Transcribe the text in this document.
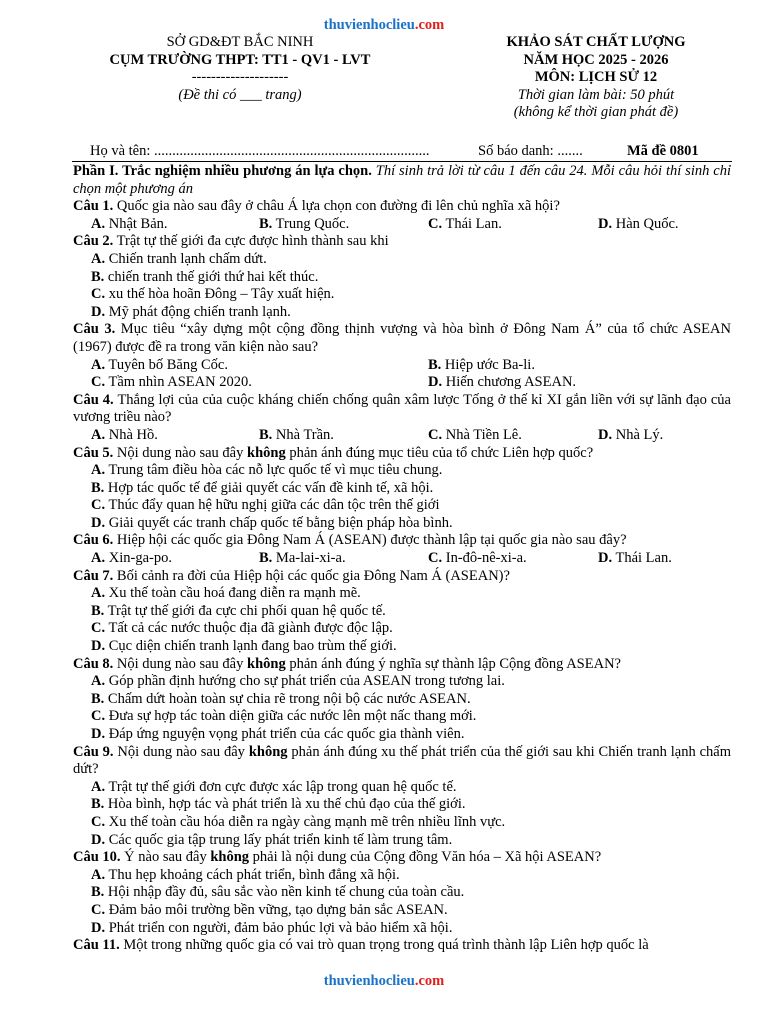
thuvienhoclieu.com
SỞ GD&ĐT BẮC NINH
CỤM TRƯỜNG THPT: TT1 - QV1 - LVT
--------------------
(Đề thi có ___ trang)
KHẢO SÁT CHẤT LƯỢNG
NĂM HỌC 2025 - 2026
MÔN: LỊCH SỬ 12
Thời gian làm bài: 50 phút
(không kể thời gian phát đề)
Họ và tên: ............................................................................	Số báo danh: .......	Mã đề 0801

Phần I. Trắc nghiệm nhiều phương án lựa chọn. Thí sinh trả lời từ câu 1 đến câu 24. Mỗi câu hỏi thí sinh chỉ chọn một phương án

Câu 1. Quốc gia nào sau đây ở châu Á lựa chọn con đường đi lên chủ nghĩa xã hội?

A. Nhật Bản.	B. Trung Quốc.	C. Thái Lan.	D. Hàn Quốc.

Câu 2. Trật tự thế giới đa cực được hình thành sau khi

A. Chiến tranh lạnh chấm dứt.
B. chiến tranh thế giới thứ hai kết thúc.
C. xu thế hòa hoãn Đông – Tây xuất hiện.
D. Mỹ phát động chiến tranh lạnh.

Câu 3. Mục tiêu “xây dựng một cộng đồng thịnh vượng và hòa bình ở Đông Nam Á” của tổ chức ASEAN (1967) được đề ra trong văn kiện nào sau?

A. Tuyên bố Băng Cốc.	B. Hiệp ước Ba-li.
C. Tầm nhìn ASEAN 2020.	D. Hiến chương ASEAN.

Câu 4. Thắng lợi của của cuộc kháng chiến chống quân xâm lược Tống ở thế kỉ XI gắn liền với sự lãnh đạo của vương triều nào?

A. Nhà Hồ.	B. Nhà Trần.	C. Nhà Tiền Lê.	D. Nhà Lý.

Câu 5. Nội dung nào sau đây không phản ánh đúng mục tiêu của tổ chức Liên hợp quốc?

A. Trung tâm điều hòa các nỗ lực quốc tế vì mục tiêu chung.
B. Hợp tác quốc tế để giải quyết các vấn đề kinh tế, xã hội.
C. Thúc đẩy quan hệ hữu nghị giữa các dân tộc trên thế giới
D. Giải quyết các tranh chấp quốc tế bằng biện pháp hòa bình.

Câu 6. Hiệp hội các quốc gia Đông Nam Á (ASEAN) được thành lập tại quốc gia nào sau đây?

A. Xin-ga-po.	B. Ma-lai-xi-a.	C. In-đô-nê-xi-a.	D. Thái Lan.

Câu 7. Bối cảnh ra đời của Hiệp hội các quốc gia Đông Nam Á (ASEAN)?

A. Xu thế toàn cầu hoá đang diễn ra mạnh mẽ.
B. Trật tự thế giới đa cực chi phối quan hệ quốc tế.
C. Tất cả các nước thuộc địa đã giành được độc lập.
D. Cục diện chiến tranh lạnh đang bao trùm thế giới.

Câu 8. Nội dung nào sau đây không phản ánh đúng ý nghĩa sự thành lập Cộng đồng ASEAN?

A. Góp phần định hướng cho sự phát triển của ASEAN trong tương lai.
B. Chấm dứt hoàn toàn sự chia rẽ trong nội bộ các nước ASEAN.
C. Đưa sự hợp tác toàn diện giữa các nước lên một nấc thang mới.
D. Đáp ứng nguyện vọng phát triển của các quốc gia thành viên.

Câu 9. Nội dung nào sau đây không phản ánh đúng xu thế phát triển của thế giới sau khi Chiến tranh lạnh chấm dứt?

A. Trật tự thế giới đơn cực được xác lập trong quan hệ quốc tế.
B. Hòa bình, hợp tác và phát triển là xu thế chủ đạo của thế giới.
C. Xu thế toàn cầu hóa diễn ra ngày càng mạnh mẽ trên nhiều lĩnh vực.
D. Các quốc gia tập trung lấy phát triển kinh tế làm trung tâm.

Câu 10. Ý nào sau đây không phải là nội dung của Cộng đồng Văn hóa – Xã hội ASEAN?

A. Thu hẹp khoảng cách phát triển, bình đẳng xã hội.
B. Hội nhập đầy đủ, sâu sắc vào nền kinh tế chung của toàn cầu.
C. Đảm bảo môi trường bền vững, tạo dựng bản sắc ASEAN.
D. Phát triển con người, đảm bảo phúc lợi và bảo hiểm xã hội.

Câu 11. Một trong những quốc gia có vai trò quan trọng trong quá trình thành lập Liên hợp quốc là

thuvienhoclieu.com
